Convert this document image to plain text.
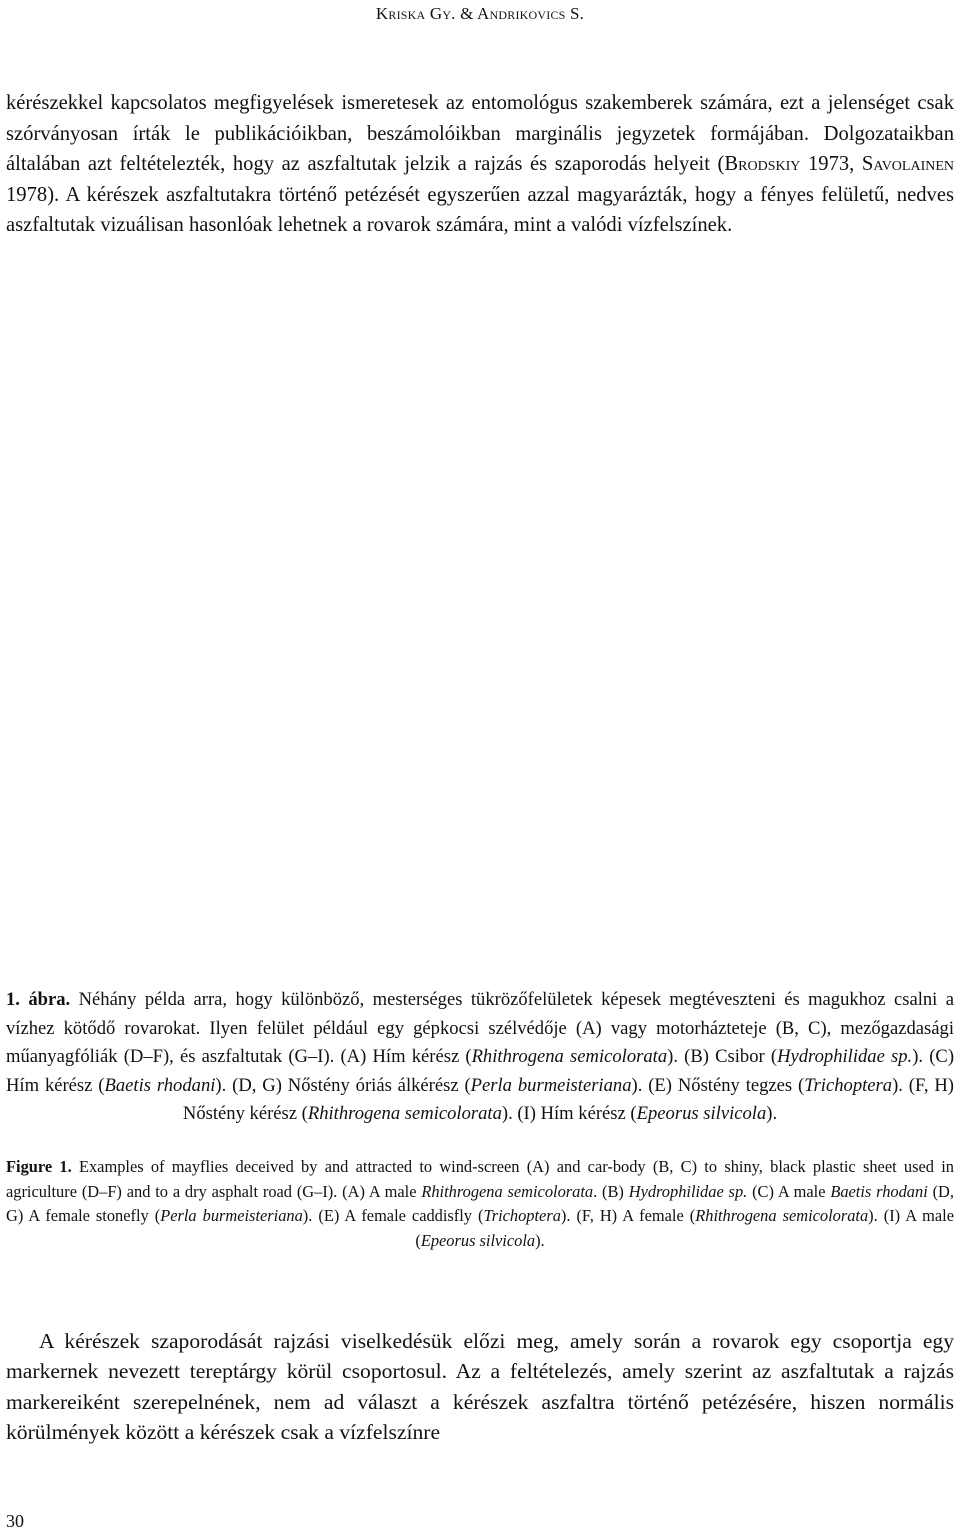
Kriska Gy. & Andrikovics S.

kérészekkel kapcsolatos megfigyelések ismeretesek az entomológus szakemberek számára, ezt a jelenséget csak szórványosan írták le publikációikban, beszámolóikban marginális jegyzetek formájában. Dolgozataikban általában azt feltételezték, hogy az aszfaltutak jelzik a rajzás és szaporodás helyeit (Brodskiy 1973, Savolainen 1978). A kérészek aszfaltutakra történő petézését egyszerűen azzal magyarázták, hogy a fényes felületű, nedves aszfaltutak vizuálisan hasonlóak lehetnek a rovarok számára, mint a valódi vízfelszínek.

1. ábra. Néhány példa arra, hogy különböző, mesterséges tükrözőfelületek képesek megtéveszteni és magukhoz csalni a vízhez kötődő rovarokat. Ilyen felület például egy gépkocsi szélvédője (A) vagy motorházteteje (B, C), mezőgazdasági műanyagfóliák (D–F), és aszfaltutak (G–I). (A) Hím kérész (Rhithrogena semicolorata). (B) Csibor (Hydrophilidae sp.). (C) Hím kérész (Baetis rhodani). (D, G) Nőstény óriás álkérész (Perla burmeisteriana). (E) Nőstény tegzes (Trichoptera). (F, H) Nőstény kérész (Rhithrogena semicolorata). (I) Hím kérész (Epeorus silvicola).

Figure 1. Examples of mayflies deceived by and attracted to wind-screen (A) and car-body (B, C) to shiny, black plastic sheet used in agriculture (D–F) and to a dry asphalt road (G–I). (A) A male Rhithrogena semicolorata. (B) Hydrophilidae sp. (C) A male Baetis rhodani (D, G) A female stonefly (Perla burmeisteriana). (E) A female caddisfly (Trichoptera). (F, H) A female (Rhithrogena semicolorata). (I) A male (Epeorus silvicola).

A kérészek szaporodását rajzási viselkedésük előzi meg, amely során a rovarok egy csoportja egy markernek nevezett tereptárgy körül csoportosul. Az a feltételezés, amely szerint az aszfaltutak a rajzás markereiként szerepelnének, nem ad választ a kérészek aszfaltra történő petézésére, hiszen normális körülmények között a kérészek csak a vízfelszínre

30
